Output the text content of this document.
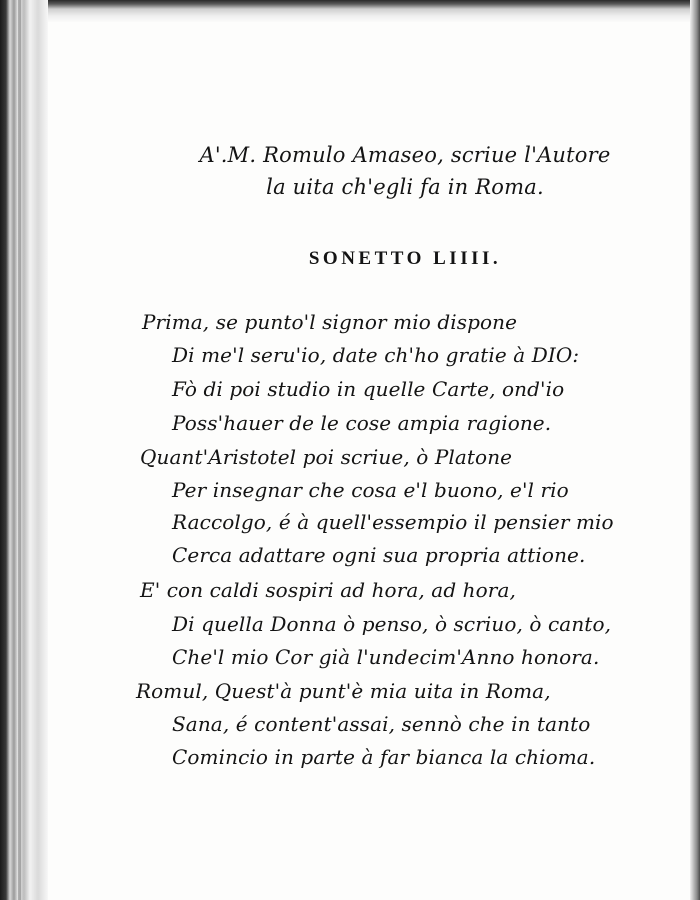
A'.M. Romulo Amaseo, scriue l'Autore
la uita ch'egli fa in Roma.
SONETTO LIIII.
Prima, se punto'l signor mio dispone
Di me'l seru'io, date ch'ho gratie à DIO:
Fò di poi studio in quelle Carte, ond'io
Poss'hauer de le cose ampia ragione.
Quant'Aristotel poi scriue, ò Platone
Per insegnar che cosa e'l buono, e'l rio
Raccolgo, é à quell'essempio il pensier mio
Cerca adattare ogni sua propria attione.
E' con caldi sospiri ad hora, ad hora,
Di quella Donna ò penso, ò scriuo, ò canto,
Che'l mio Cor già l'undecim'Anno honora.
Romul, Quest'à punt'è mia uita in Roma,
Sana, é content'assai, sennò che in tanto
Comincio in parte à far bianca la chioma.
